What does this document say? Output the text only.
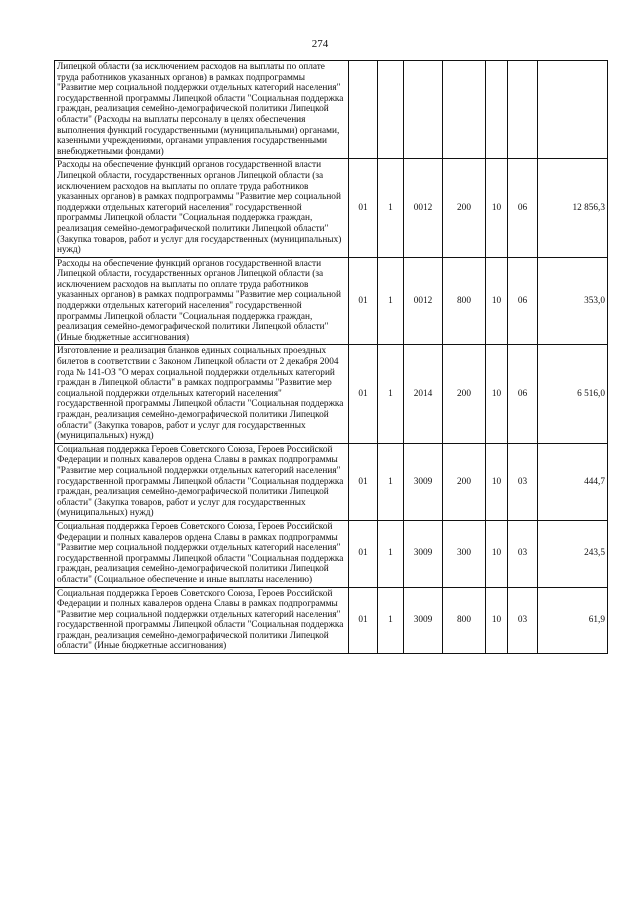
274
Липецкой области (за исключением расходов на выплаты по оплате труда работников указанных органов) в рамках подпрограммы "Развитие мер социальной поддержки отдельных категорий населения" государственной программы Липецкой области "Социальная поддержка граждан, реализация семейно-демографической политики Липецкой области" (Расходы на выплаты персоналу в целях обеспечения выполнения функций государственными (муниципальными) органами, казенными учреждениями, органами управления государственными внебюджетными фондами)							
Расходы на обеспечение функций органов государственной власти Липецкой области, государственных органов Липецкой области (за исключением расходов на выплаты по оплате труда работников указанных органов) в рамках подпрограммы "Развитие мер социальной поддержки отдельных категорий населения" государственной программы Липецкой области "Социальная поддержка граждан, реализация семейно-демографической политики Липецкой области" (Закупка товаров, работ и услуг для государственных (муниципальных) нужд)	01	1	0012	200	10	06	12 856,3
Расходы на обеспечение функций органов государственной власти Липецкой области, государственных органов Липецкой области (за исключением расходов на выплаты по оплате труда работников указанных органов) в рамках подпрограммы "Развитие мер социальной поддержки отдельных категорий населения" государственной программы Липецкой области "Социальная поддержка граждан, реализация семейно-демографической политики Липецкой области" (Иные бюджетные ассигнования)	01	1	0012	800	10	06	353,0
Изготовление и реализация бланков единых социальных проездных билетов в соответствии с Законом Липецкой области от 2 декабря 2004 года № 141-ОЗ "О мерах социальной поддержки отдельных категорий граждан в Липецкой области" в рамках подпрограммы "Развитие мер социальной поддержки отдельных категорий населения" государственной программы Липецкой области "Социальная поддержка граждан, реализация семейно-демографической политики Липецкой области" (Закупка товаров, работ и услуг для государственных (муниципальных) нужд)	01	1	2014	200	10	06	6 516,0
Социальная поддержка Героев Советского Союза, Героев Российской Федерации и полных кавалеров ордена Славы в рамках подпрограммы "Развитие мер социальной поддержки отдельных категорий населения" государственной программы Липецкой области "Социальная поддержка граждан, реализация семейно-демографической политики Липецкой области" (Закупка товаров, работ и услуг для государственных (муниципальных) нужд)	01	1	3009	200	10	03	444,7
Социальная поддержка Героев Советского Союза, Героев Российской Федерации и полных кавалеров ордена Славы в рамках подпрограммы "Развитие мер социальной поддержки отдельных категорий населения" государственной программы Липецкой области "Социальная поддержка граждан, реализация семейно-демографической политики Липецкой области" (Социальное обеспечение и иные выплаты населению)	01	1	3009	300	10	03	243,5
Социальная поддержка Героев Советского Союза, Героев Российской Федерации и полных кавалеров ордена Славы в рамках подпрограммы "Развитие мер социальной поддержки отдельных категорий населения" государственной программы Липецкой области "Социальная поддержка граждан, реализация семейно-демографической политики Липецкой области" (Иные бюджетные ассигнования)	01	1	3009	800	10	03	61,9
